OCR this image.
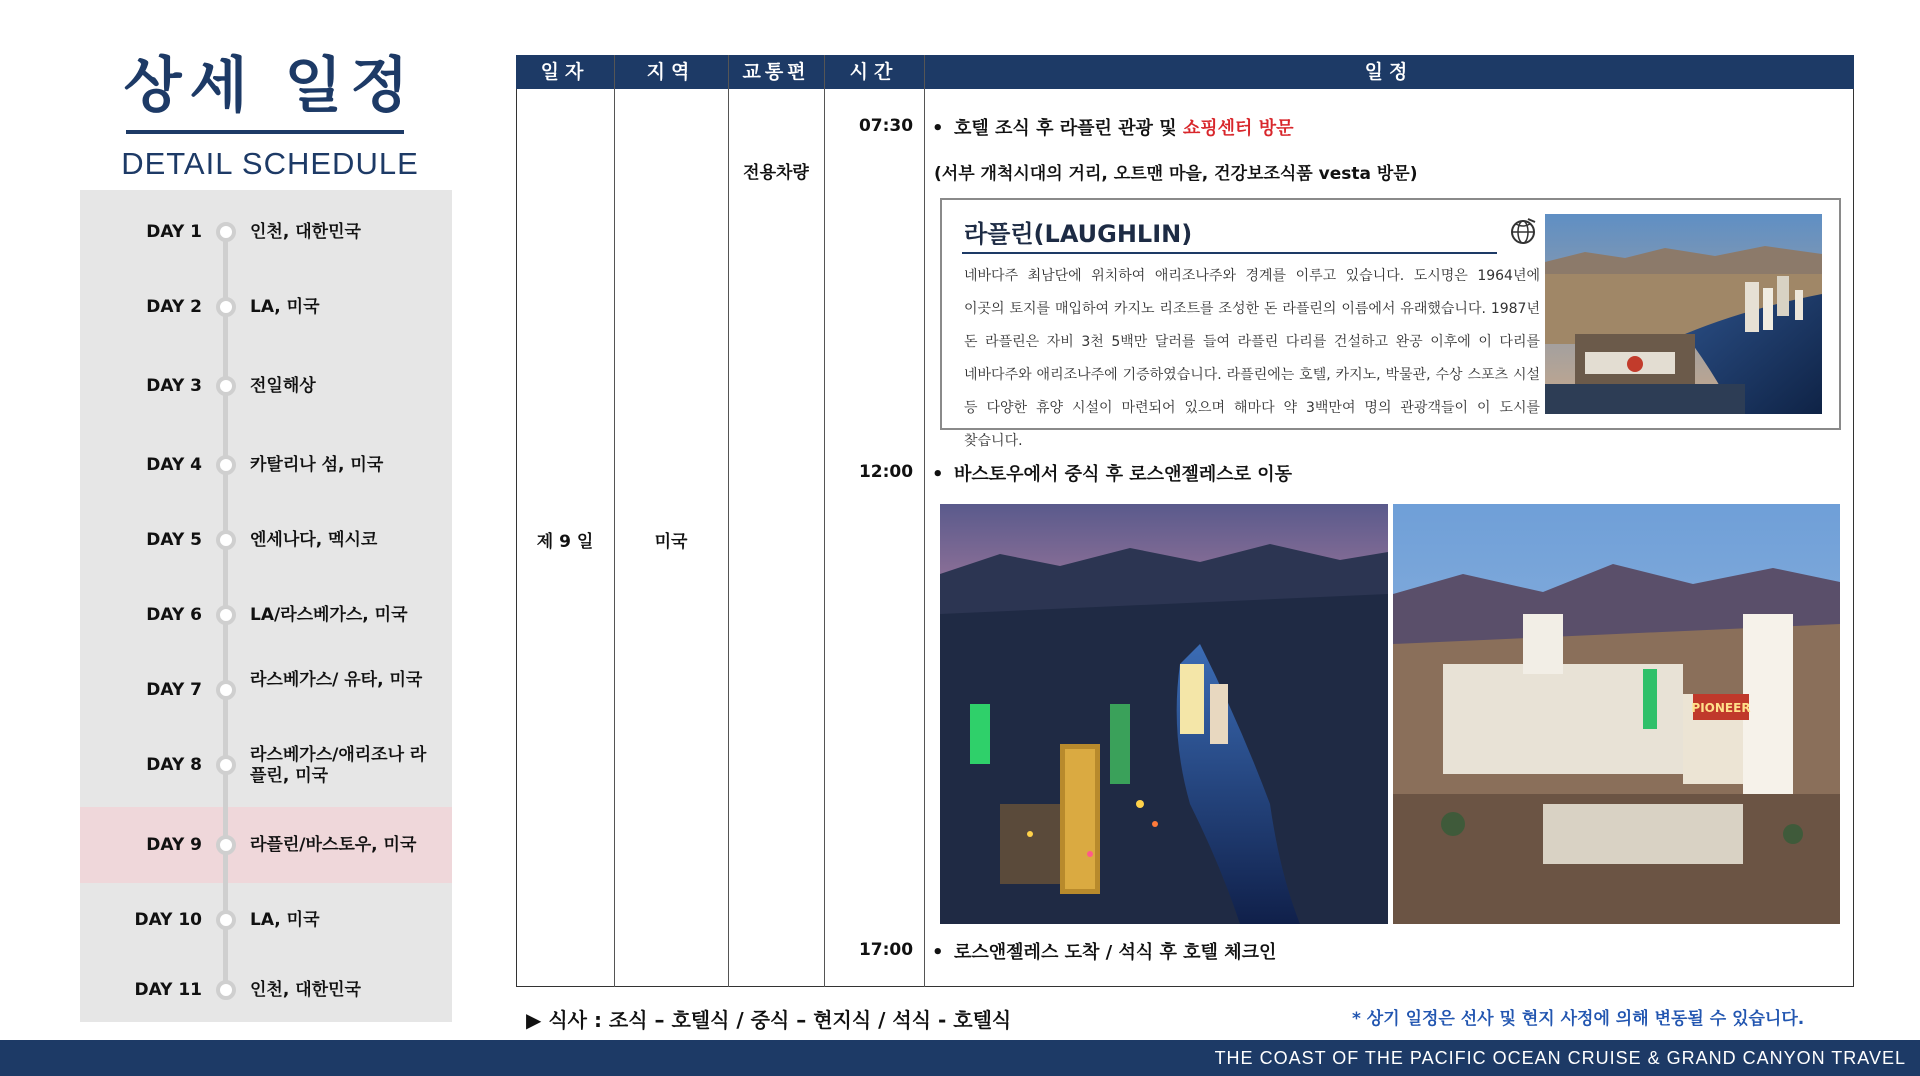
상세 일정
DETAIL SCHEDULE
DAY 1	인천, 대한민국
DAY 2	LA, 미국
DAY 3	전일해상
DAY 4	카탈리나 섬, 미국
DAY 5	엔세나다, 멕시코
DAY 6	LA/라스베가스, 미국
DAY 7	라스베가스/ 유타, 미국
DAY 8	라스베가스/애리조나 라플린, 미국
DAY 9	라플린/바스토우, 미국
DAY 10	LA, 미국
DAY 11	인천, 대한민국
일자	지역	교통편	시간	일정
제 9 일	미국
전용차량
07:30	• 호텔 조식 후 라플린 관광 및 쇼핑센터 방문
(서부 개척시대의 거리, 오트맨 마을, 건강보조식품 vesta 방문)
라플린(LAUGHLIN)
네바다주 최남단에 위치하여 애리조나주와 경계를 이루고 있습니다. 도시명은 1964년에 이곳의 토지를 매입하여 카지노 리조트를 조성한 돈 라플린의 이름에서 유래했습니다. 1987년 돈 라플린은 자비 3천 5백만 달러를 들여 라플린 다리를 건설하고 완공 이후에 이 다리를 네바다주와 애리조나주에 기증하였습니다. 라플린에는 호텔, 카지노, 박물관, 수상 스포츠 시설 등 다양한 휴양 시설이 마련되어 있으며 해마다 약 3백만여 명의 관광객들이 이 도시를 찾습니다.
12:00	• 바스토우에서 중식 후 로스앤젤레스로 이동
PIONEER
17:00	• 로스앤젤레스 도착 / 석식 후 호텔 체크인
▶ 식사 : 조식 – 호텔식 / 중식 – 현지식 / 석식 - 호텔식	* 상기 일정은 선사 및 현지 사정에 의해 변동될 수 있습니다.
THE COAST OF THE PACIFIC OCEAN CRUISE & GRAND CANYON TRAVEL
